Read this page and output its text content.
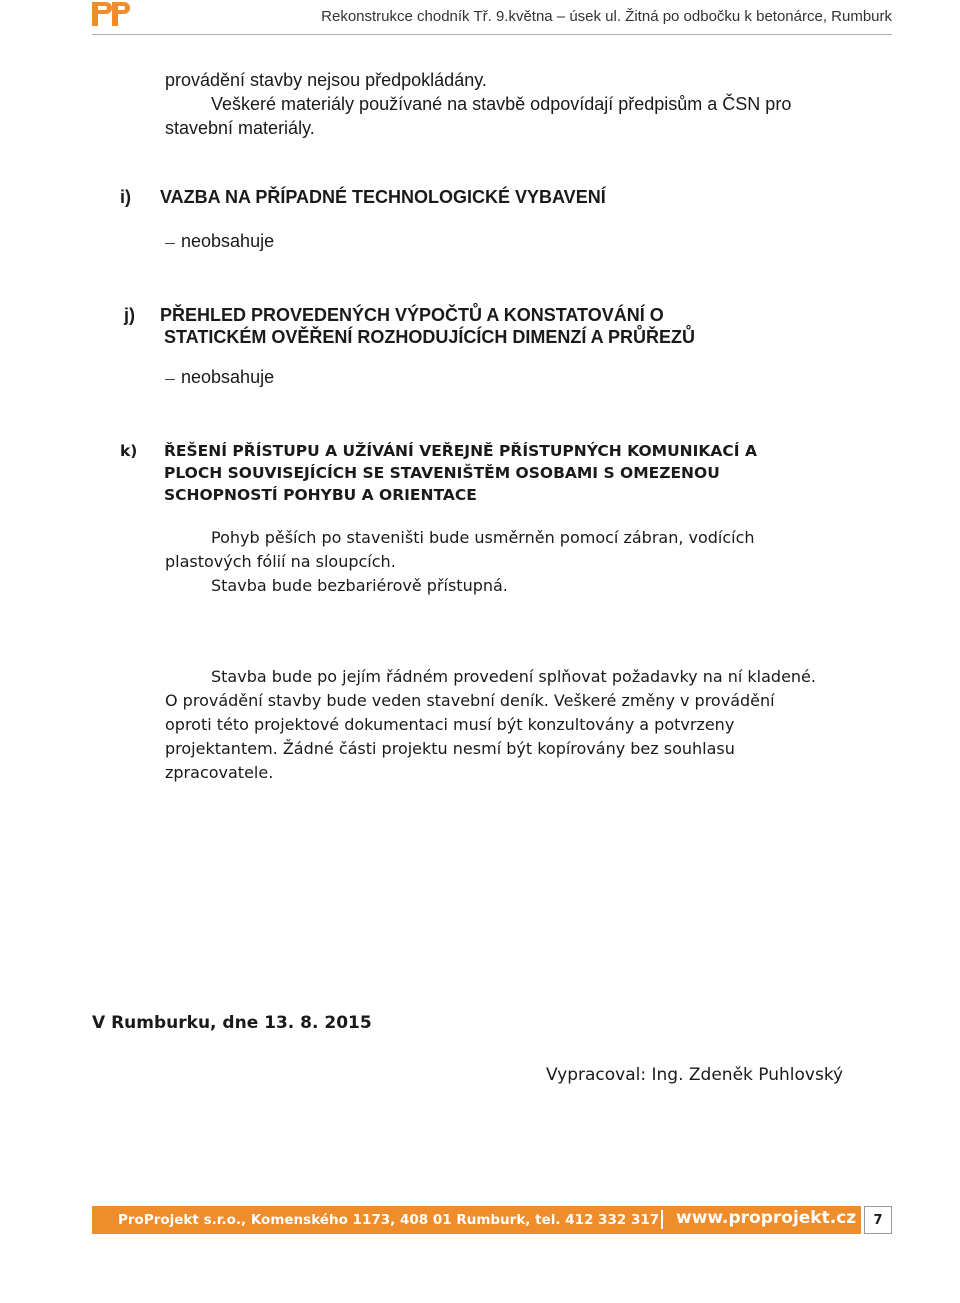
Rekonstrukce chodník Tř. 9.května – úsek ul. Žitná po odbočku k betonárce, Rumburk

provádění stavby nejsou předpokládány.

Veškeré materiály používané na stavbě odpovídají předpisům a ČSN pro

stavební materiály.

i) VAZBA NA PŘÍPADNÉ TECHNOLOGICKÉ VYBAVENÍ
neobsahuje
j) PŘEHLED PROVEDENÝCH VÝPOČTŮ A KONSTATOVÁNÍ O
STATICKÉM OVĚŘENÍ ROZHODUJÍCÍCH DIMENZÍ A PRŮŘEZŮ
neobsahuje
k) ŘEŠENÍ PŘÍSTUPU A UŽÍVÁNÍ VEŘEJNĚ PŘÍSTUPNÝCH KOMUNIKACÍ A
PLOCH SOUVISEJÍCÍCH SE STAVENIŠTĚM OSOBAMI S OMEZENOU
SCHOPNOSTÍ POHYBU A ORIENTACE

Pohyb pěších po staveništi bude usměrněn pomocí zábran, vodících

plastových fólií na sloupcích.

Stavba bude bezbariérově přístupná.

Stavba bude po jejím řádném provedení splňovat požadavky na ní kladené.

O provádění stavby bude veden stavební deník. Veškeré změny v provádění

oproti této projektové dokumentaci musí být konzultovány a potvrzeny

projektantem. Žádné části projektu nesmí být kopírovány bez souhlasu

zpracovatele.

V Rumburku, dne 13. 8. 2015
Vypracoval: Ing. Zdeněk Puhlovský
ProProjekt s.r.o., Komenského 1173, 408 01 Rumburk, tel. 412 332 317 www.proprojekt.cz	7
